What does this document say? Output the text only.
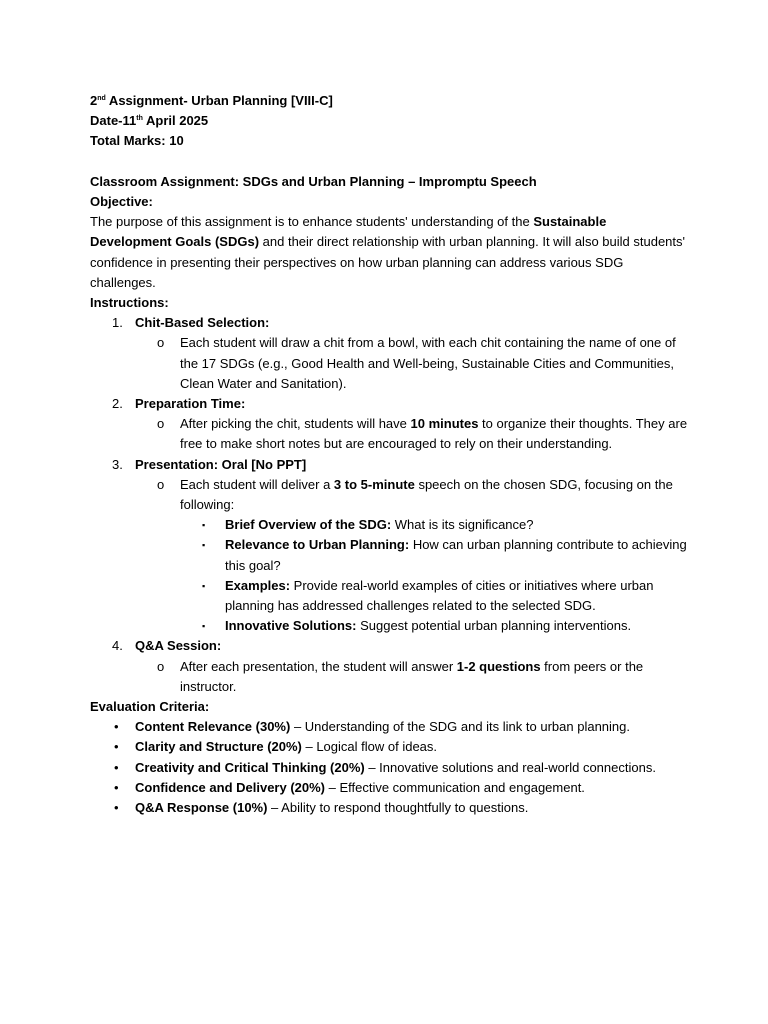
2nd Assignment- Urban Planning [VIII-C]

Date-11th April 2025

Total Marks: 10

Classroom Assignment: SDGs and Urban Planning – Impromptu Speech

Objective:

The purpose of this assignment is to enhance students' understanding of the Sustainable Development Goals (SDGs) and their direct relationship with urban planning. It will also build students' confidence in presenting their perspectives on how urban planning can address various SDG challenges.

Instructions:

1. Chit-Based Selection:
o Each student will draw a chit from a bowl, with each chit containing the name of one of the 17 SDGs (e.g., Good Health and Well-being, Sustainable Cities and Communities, Clean Water and Sanitation).
2. Preparation Time:
o After picking the chit, students will have 10 minutes to organize their thoughts. They are free to make short notes but are encouraged to rely on their understanding.
3. Presentation: Oral [No PPT]
o Each student will deliver a 3 to 5-minute speech on the chosen SDG, focusing on the following:
▪ Brief Overview of the SDG: What is its significance?
▪ Relevance to Urban Planning: How can urban planning contribute to achieving this goal?
▪ Examples: Provide real-world examples of cities or initiatives where urban planning has addressed challenges related to the selected SDG.
▪ Innovative Solutions: Suggest potential urban planning interventions.
4. Q&A Session:
o After each presentation, the student will answer 1-2 questions from peers or the instructor.

Evaluation Criteria:

• Content Relevance (30%) – Understanding of the SDG and its link to urban planning.
• Clarity and Structure (20%) – Logical flow of ideas.
• Creativity and Critical Thinking (20%) – Innovative solutions and real-world connections.
• Confidence and Delivery (20%) – Effective communication and engagement.
• Q&A Response (10%) – Ability to respond thoughtfully to questions.
